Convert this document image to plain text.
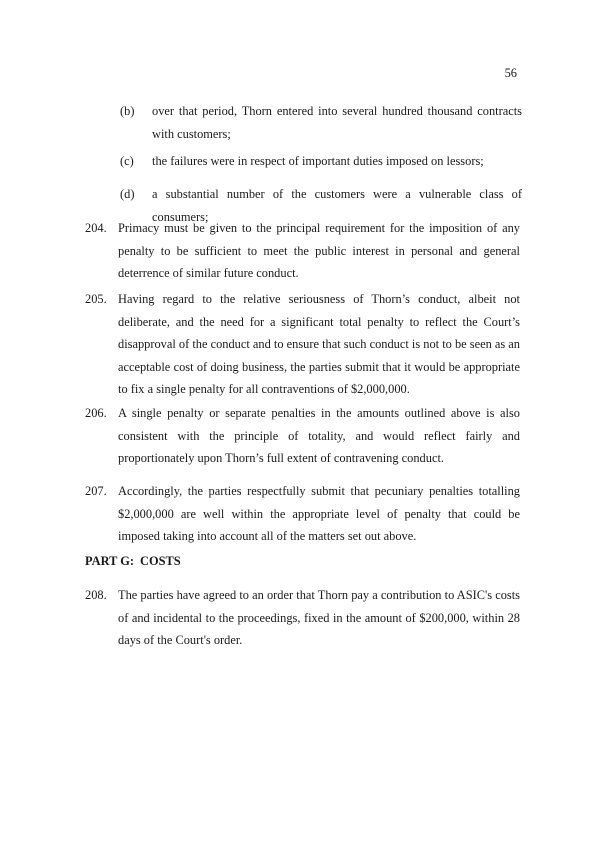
56
(b) over that period, Thorn entered into several hundred thousand contracts with customers;
(c) the failures were in respect of important duties imposed on lessors;
(d) a substantial number of the customers were a vulnerable class of consumers;
204. Primacy must be given to the principal requirement for the imposition of any penalty to be sufficient to meet the public interest in personal and general deterrence of similar future conduct.
205. Having regard to the relative seriousness of Thorn’s conduct, albeit not deliberate, and the need for a significant total penalty to reflect the Court’s disapproval of the conduct and to ensure that such conduct is not to be seen as an acceptable cost of doing business, the parties submit that it would be appropriate to fix a single penalty for all contraventions of $2,000,000.
206. A single penalty or separate penalties in the amounts outlined above is also consistent with the principle of totality, and would reflect fairly and proportionately upon Thorn’s full extent of contravening conduct.
207. Accordingly, the parties respectfully submit that pecuniary penalties totalling $2,000,000 are well within the appropriate level of penalty that could be imposed taking into account all of the matters set out above.
PART G: COSTS
208. The parties have agreed to an order that Thorn pay a contribution to ASIC's costs of and incidental to the proceedings, fixed in the amount of $200,000, within 28 days of the Court's order.
